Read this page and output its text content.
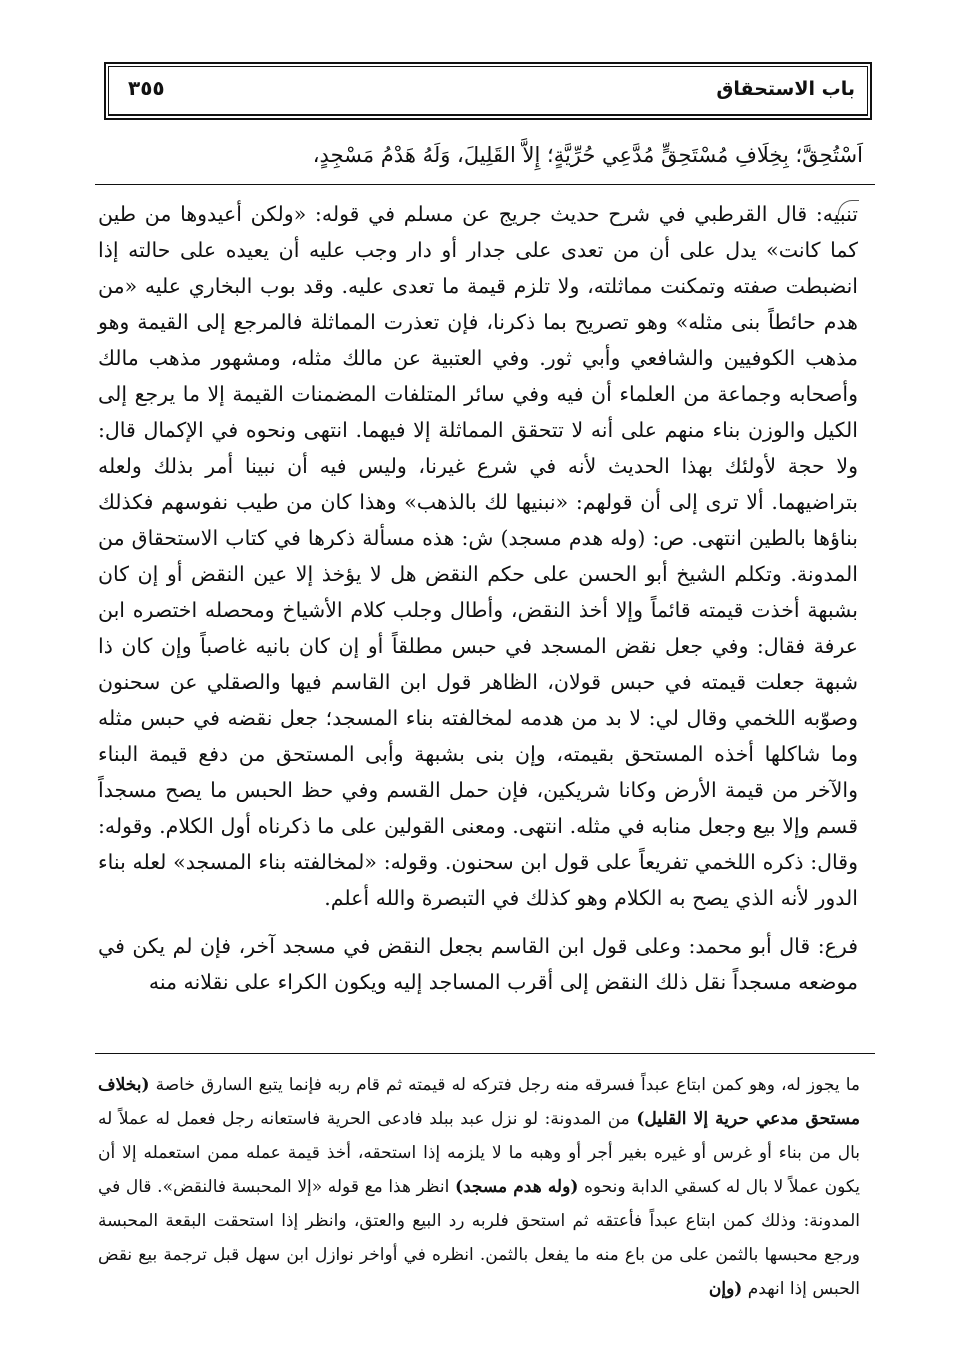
باب الاستحقاق
٣٥٥
اَسْتُحِقَّ؛ بِخِلَافِ مُسْتَحِقٍّ مُدَّعِي حُرِّيَّةٍ؛ إِلاَّ القَلِيلَ، وَلَهُ هَدْمُ مَسْجِدٍ،

تنبيه: قال القرطبي في شرح حديث جريج عن مسلم في قوله: «ولكن أعيدوها من طين كما كانت» يدل على أن من تعدى على جدار أو دار وجب عليه أن يعيده على حالته إذا انضبطت صفته وتمكنت مماثلته، ولا تلزم قيمة ما تعدى عليه. وقد بوب البخاري عليه «من هدم حائطاً بنى مثله» وهو تصريح بما ذكرنا، فإن تعذرت المماثلة فالمرجع إلى القيمة وهو مذهب الكوفيين والشافعي وأبي ثور. وفي العتبية عن مالك مثله، ومشهور مذهب مالك وأصحابه وجماعة من العلماء أن فيه وفي سائر المتلفات المضمنات القيمة إلا ما يرجع إلى الكيل والوزن بناء منهم على أنه لا تتحقق المماثلة إلا فيهما. انتهى ونحوه في الإكمال قال: ولا حجة لأولئك بهذا الحديث لأنه في شرع غيرنا، وليس فيه أن نبينا أمر بذلك ولعله بتراضيهما. ألا ترى إلى أن قولهم: «نبنيها لك بالذهب» وهذا كان من طيب نفوسهم فكذلك بناؤها بالطين انتهى. ص: (وله هدم مسجد) ش: هذه مسألة ذكرها في كتاب الاستحقاق من المدونة. وتكلم الشيخ أبو الحسن على حكم النقض هل لا يؤخذ إلا عين النقض أو إن كان بشبهة أخذت قيمته قائماً وإلا أخذ النقض، وأطال وجلب كلام الأشياخ ومحصله اختصره ابن عرفة فقال: وفي جعل نقض المسجد في حبس مطلقاً أو إن كان بانيه غاصباً وإن كان ذا شبهة جعلت قيمته في حبس قولان، الظاهر قول ابن القاسم فيها والصقلي عن سحنون وصوّبه اللخمي وقال لي: لا بد من هدمه لمخالفته بناء المسجد؛ جعل نقضه في حبس مثله وما شاكلها أخذه المستحق بقيمته، وإن بنى بشبهة وأبى المستحق من دفع قيمة البناء والآخر من قيمة الأرض وكانا شريكين، فإن حمل القسم وفي حظ الحبس ما يصح مسجداً قسم وإلا بيع وجعل منابه في مثله. انتهى. ومعنى القولين على ما ذكرناه أول الكلام. وقوله: وقال: ذكره اللخمي تفريعاً على قول ابن سحنون. وقوله: «لمخالفته بناء المسجد» لعله بناء الدور لأنه الذي يصح به الكلام وهو كذلك في التبصرة والله أعلم.

فرع: قال أبو محمد: وعلى قول ابن القاسم بجعل النقض في مسجد آخر، فإن لم يكن في موضعه مسجداً نقل ذلك النقض إلى أقرب المساجد إليه ويكون الكراء على نقلانه منه

ما يجوز له، وهو كمن ابتاع عبداً فسرقه منه رجل فتركه له قيمته ثم قام ربه فإنما يتبع السارق خاصة (بخلاف مستحق مدعي حرية إلا القليل) من المدونة: لو نزل عبد ببلد فادعى الحرية فاستعانه رجل فعمل له عملاً له بال من بناء أو غرس أو غيره بغير أجر أو وهبه ما لا يلزمه إذا استحقه، أخذ قيمة عمله ممن استعمله إلا أن يكون عملاً لا بال له كسقي الدابة ونحوه (وله هدم مسجد) انظر هذا مع قوله «إلا المحبسة فالنقض». قال في المدونة: وذلك كمن ابتاع عبداً فأعتقه ثم استحق فلربه رد البيع والعتق، وانظر إذا استحقت البقعة المحبسة ورجع محبسها بالثمن على من باع منه ما يفعل بالثمن. انظره في أواخر نوازل ابن سهل قبل ترجمة بيع نقض الحبس إذا انهدم (وإن
